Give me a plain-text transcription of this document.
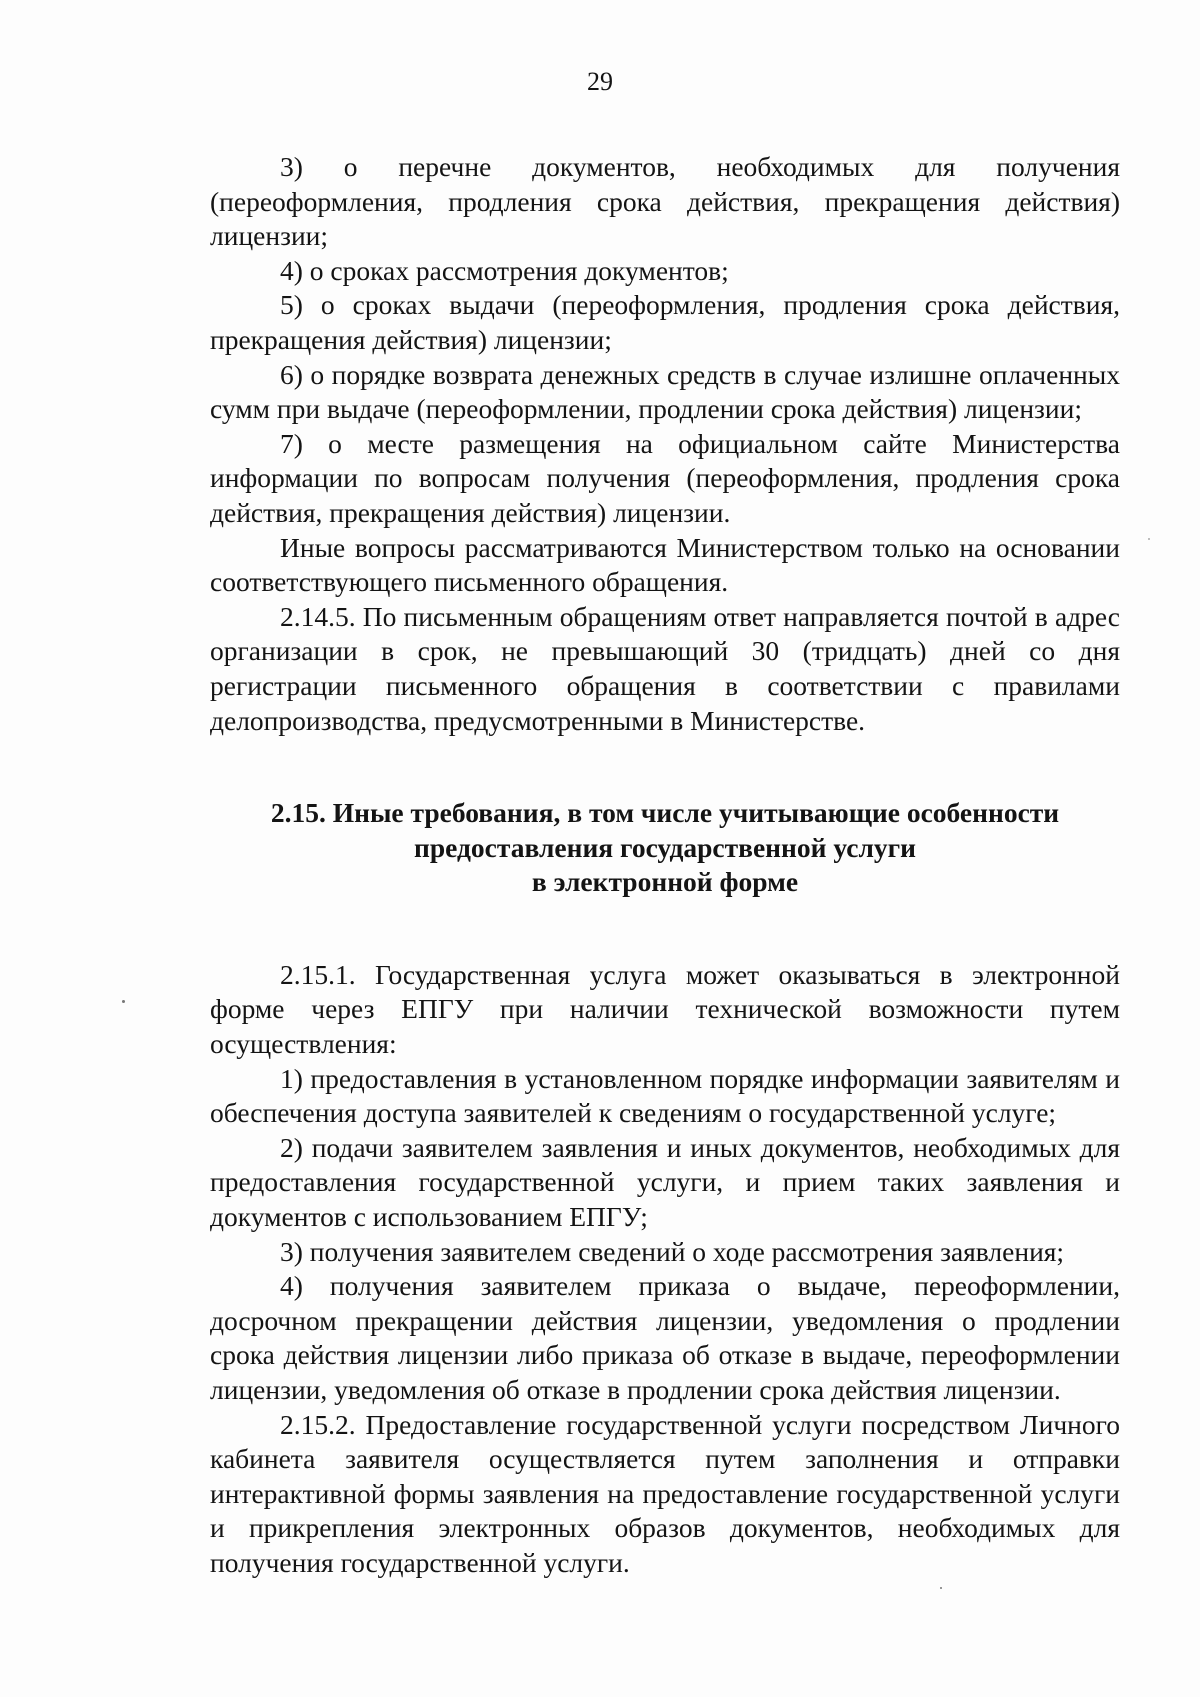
29

3) о перечне документов, необходимых для получения (переоформления, продления срока действия, прекращения действия) лицензии;

4) о сроках рассмотрения документов;

5) о сроках выдачи (переоформления, продления срока действия, прекращения действия) лицензии;

6) о порядке возврата денежных средств в случае излишне оплаченных сумм при выдаче (переоформлении, продлении срока действия) лицензии;

7) о месте размещения на официальном сайте Министерства информации по вопросам получения (переоформления, продления срока действия, прекращения действия) лицензии.

Иные вопросы рассматриваются Министерством только на основании соответствующего письменного обращения.

2.14.5. По письменным обращениям ответ направляется почтой в адрес организации в срок, не превышающий 30 (тридцать) дней со дня регистрации письменного обращения в соответствии с правилами делопроизводства, предусмотренными в Министерстве.

2.15. Иные требования, в том числе учитывающие особенности
предоставления государственной услуги
в электронной форме

2.15.1. Государственная услуга может оказываться в электронной форме через ЕПГУ при наличии технической возможности путем осуществления:

1) предоставления в установленном порядке информации заявителям и обеспечения доступа заявителей к сведениям о государственной услуге;

2) подачи заявителем заявления и иных документов, необходимых для предоставления государственной услуги, и прием таких заявления и документов с использованием ЕПГУ;

3) получения заявителем сведений о ходе рассмотрения заявления;

4) получения заявителем приказа о выдаче, переоформлении, досрочном прекращении действия лицензии, уведомления о продлении срока действия лицензии либо приказа об отказе в выдаче, переоформлении лицензии, уведомления об отказе в продлении срока действия лицензии.

2.15.2. Предоставление государственной услуги посредством Личного кабинета заявителя осуществляется путем заполнения и отправки интерактивной формы заявления на предоставление государственной услуги и прикрепления электронных образов документов, необходимых для получения государственной услуги.
